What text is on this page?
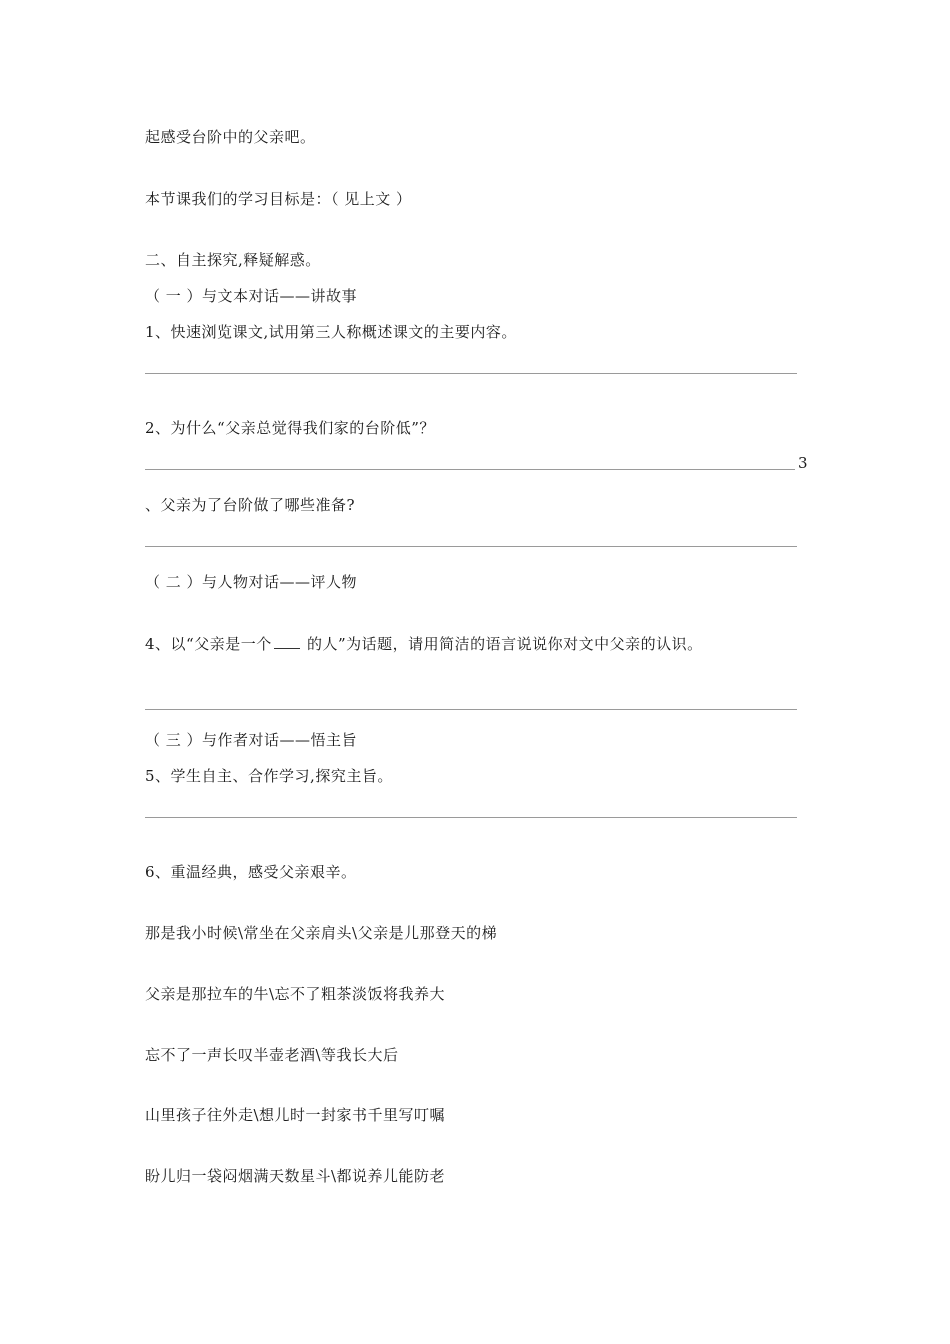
起感受台阶中的父亲吧。
本节课我们的学习目标是：（ 见上文 ）
二、自主探究,释疑解惑。
（ 一 ）与文本对话——讲故事
1、快速浏览课文,试用第三人称概述课文的主要内容。
2、为什么“父亲总觉得我们家的台阶低”？
3
、父亲为了台阶做了哪些准备?
（ 二 ）与人物对话——评人物
4、以“父亲是一个 的人”为话题，请用简洁的语言说说你对文中父亲的认识。
（ 三 ）与作者对话——悟主旨
5、学生自主、合作学习,探究主旨。
6、重温经典，感受父亲艰辛。
那是我小时候\常坐在父亲肩头\父亲是儿那登天的梯
父亲是那拉车的牛\忘不了粗茶淡饭将我养大
忘不了一声长叹半壶老酒\等我长大后
山里孩子往外走\想儿时一封家书千里写叮嘱
盼儿归一袋闷烟满天数星斗\都说养儿能防老
